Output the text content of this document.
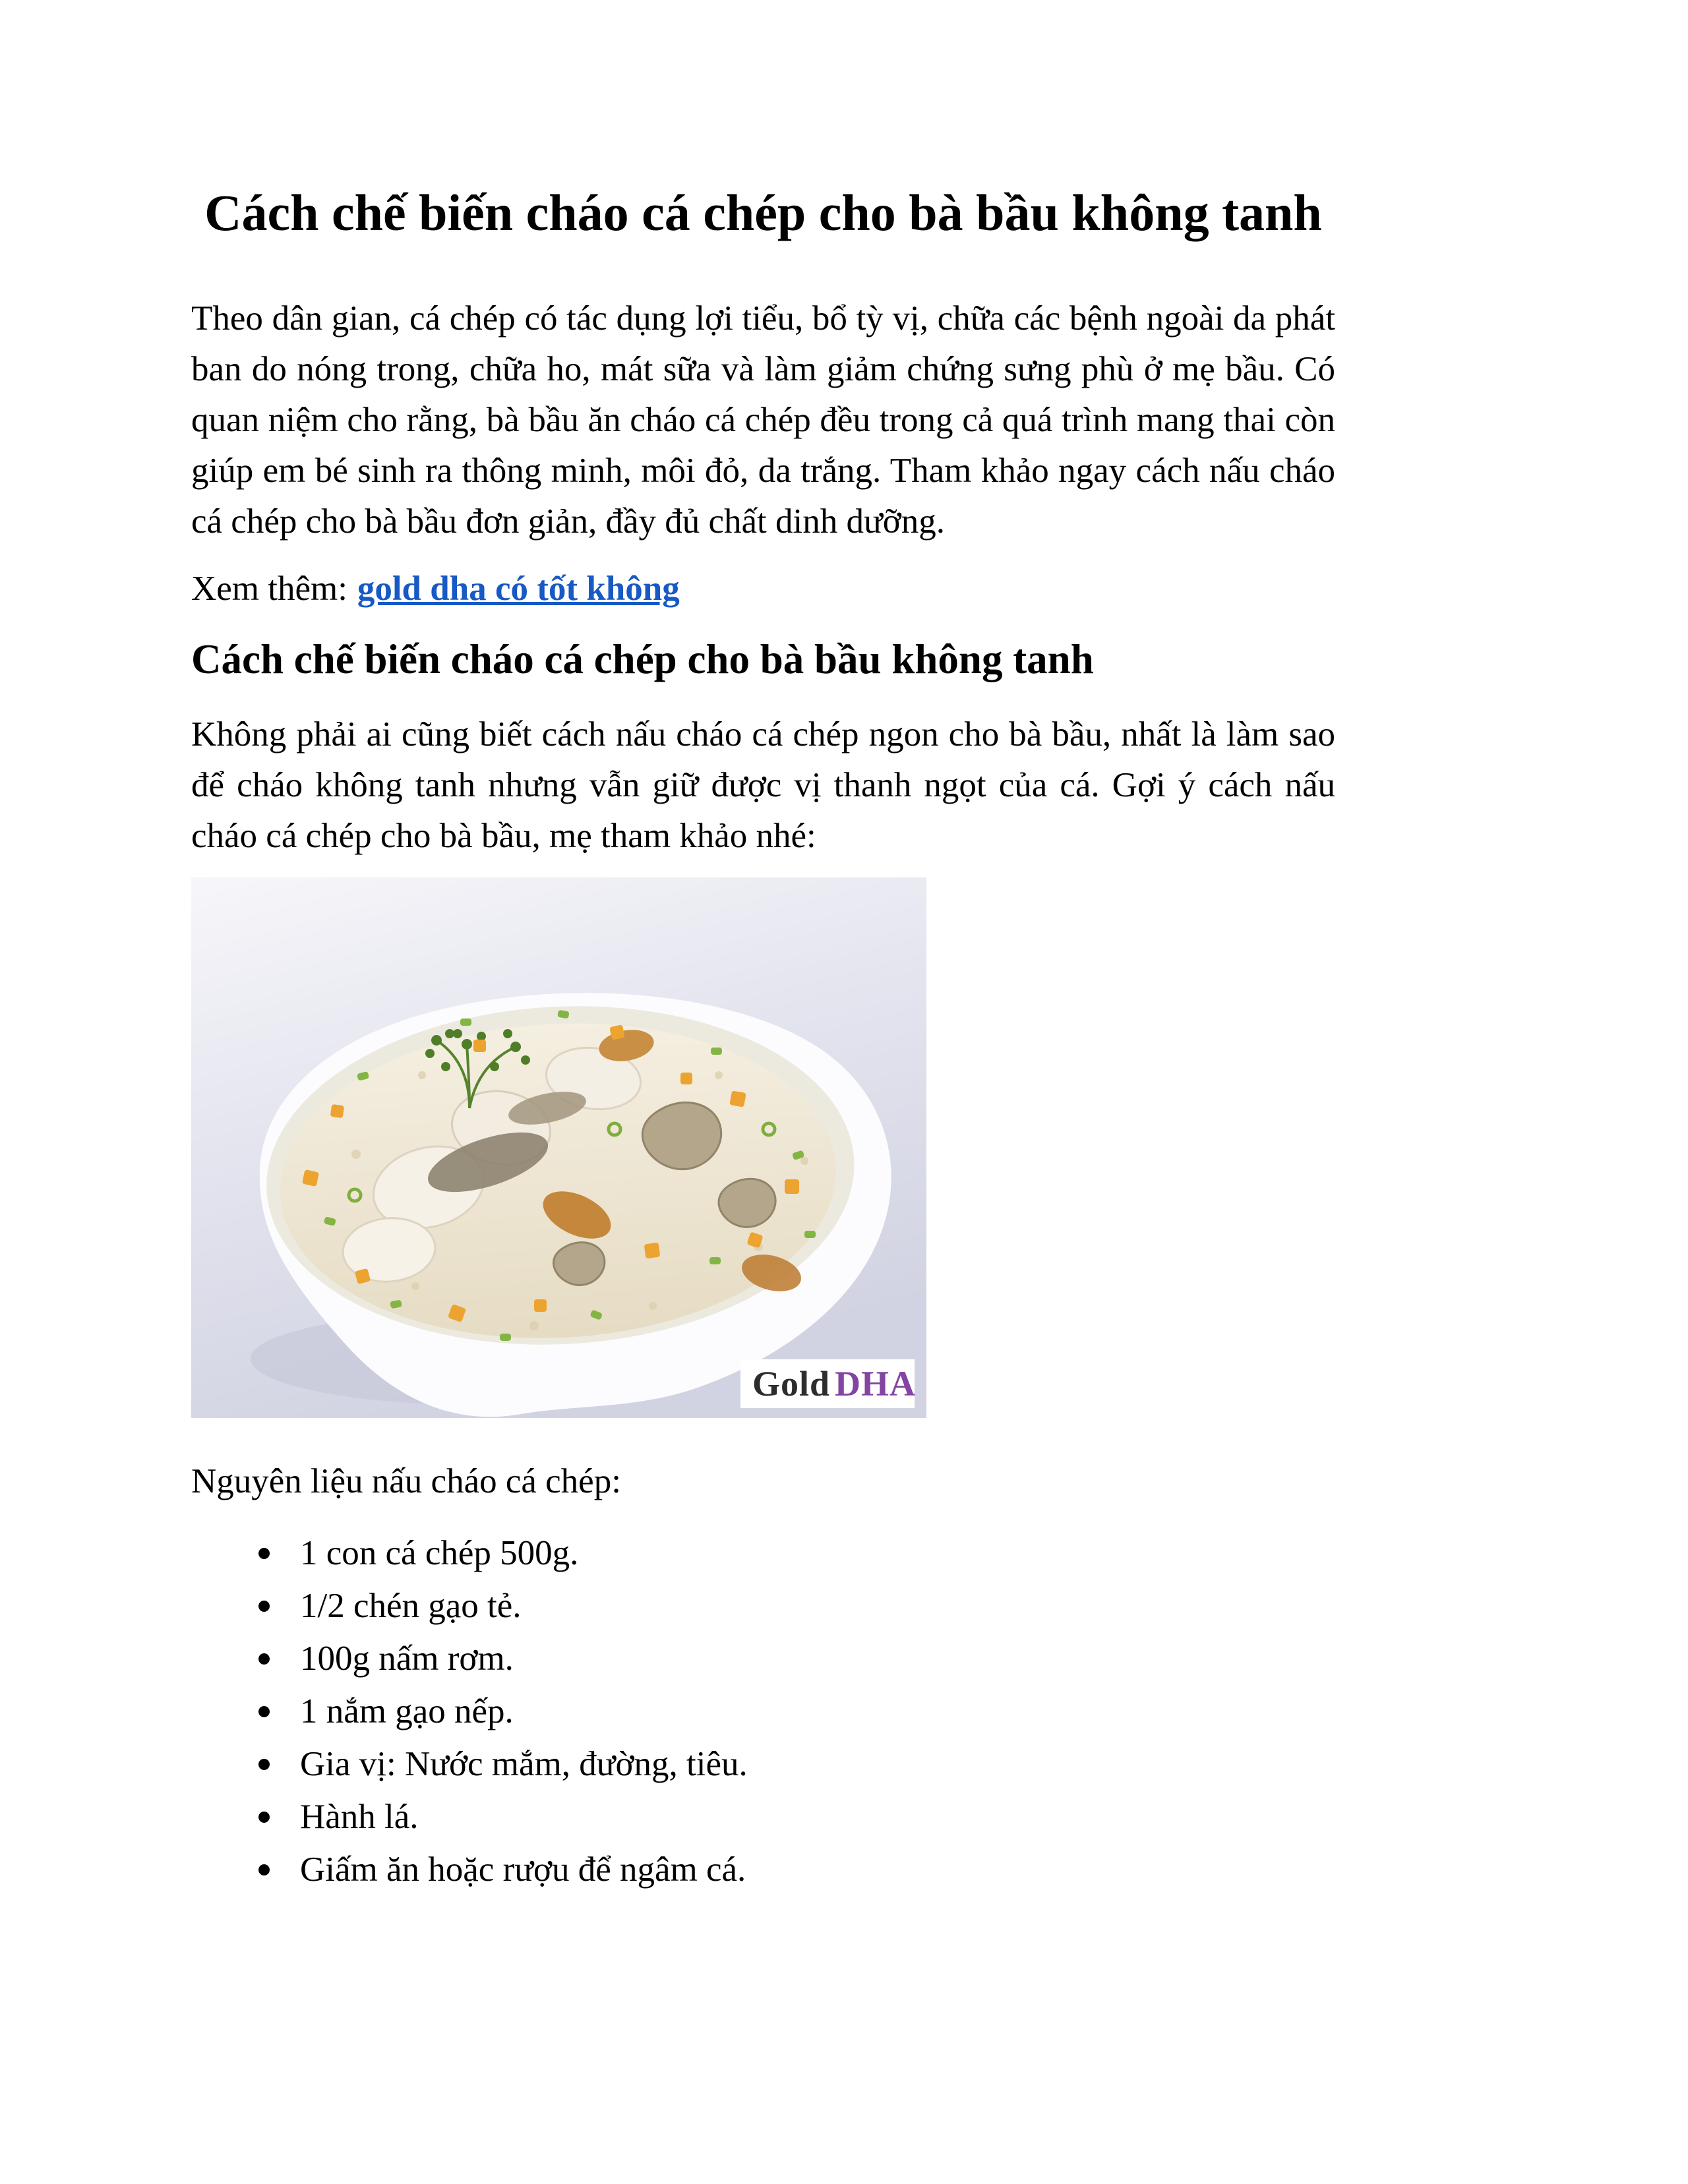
Cách chế biến cháo cá chép cho bà bầu không tanh

Theo dân gian, cá chép có tác dụng lợi tiểu, bổ tỳ vị, chữa các bệnh ngoài da phát ban do nóng trong, chữa ho, mát sữa và làm giảm chứng sưng phù ở mẹ bầu. Có quan niệm cho rằng, bà bầu ăn cháo cá chép đều trong cả quá trình mang thai còn giúp em bé sinh ra thông minh, môi đỏ, da trắng. Tham khảo ngay cách nấu cháo cá chép cho bà bầu đơn giản, đầy đủ chất dinh dưỡng.

Xem thêm: gold dha có tốt không

Cách chế biến cháo cá chép cho bà bầu không tanh

Không phải ai cũng biết cách nấu cháo cá chép ngon cho bà bầu, nhất là làm sao để cháo không tanh nhưng vẫn giữ được vị thanh ngọt của cá. Gợi ý cách nấu cháo cá chép cho bà bầu, mẹ tham khảo nhé:

Gold DHA

Nguyên liệu nấu cháo cá chép:

1 con cá chép 500g.
1/2 chén gạo tẻ.
100g nấm rơm.
1 nắm gạo nếp.
Gia vị: Nước mắm, đường, tiêu.
Hành lá.
Giấm ăn hoặc rượu để ngâm cá.
